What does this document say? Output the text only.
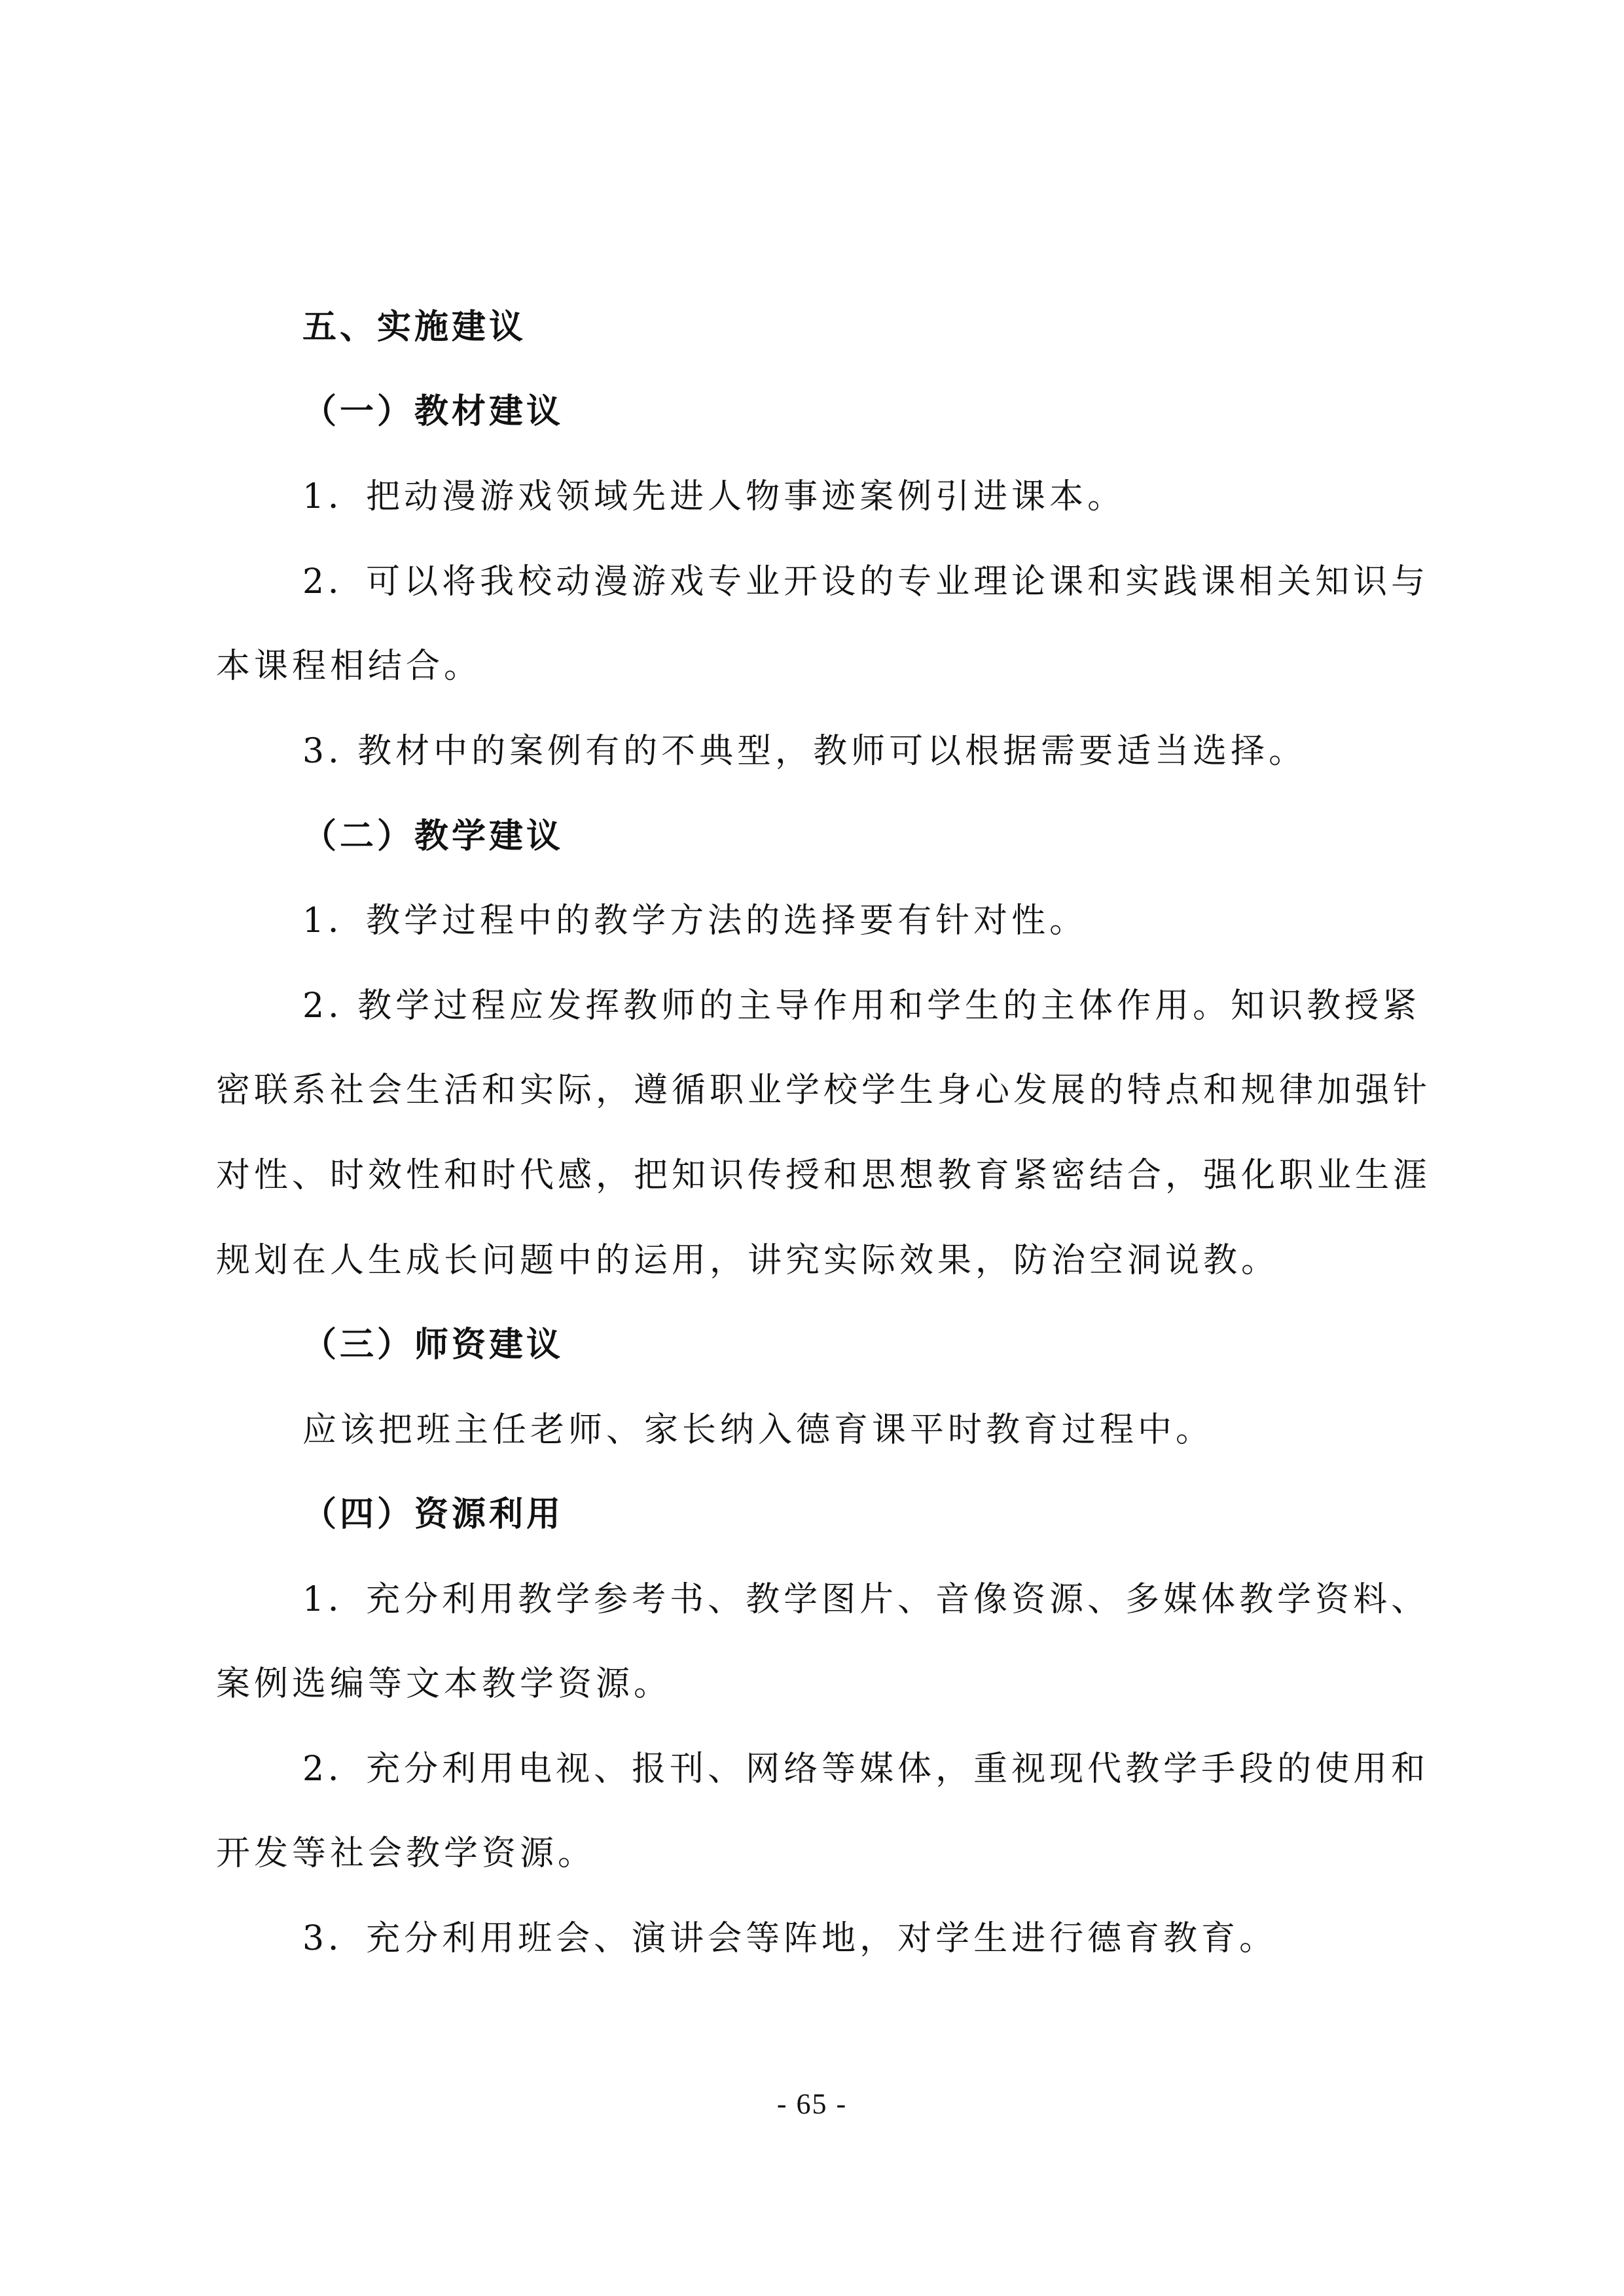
五、实施建议
（一）教材建议
1．把动漫游戏领域先进人物事迹案例引进课本。
2．可以将我校动漫游戏专业开设的专业理论课和实践课相关知识与
本课程相结合。
3. 教材中的案例有的不典型，教师可以根据需要适当选择。
（二）教学建议
1．教学过程中的教学方法的选择要有针对性。
2. 教学过程应发挥教师的主导作用和学生的主体作用。知识教授紧
密联系社会生活和实际，遵循职业学校学生身心发展的特点和规律加强针
对性、时效性和时代感，把知识传授和思想教育紧密结合，强化职业生涯
规划在人生成长问题中的运用，讲究实际效果，防治空洞说教。
（三）师资建议
应该把班主任老师、家长纳入德育课平时教育过程中。
（四）资源利用
1．充分利用教学参考书、教学图片、音像资源、多媒体教学资料、
案例选编等文本教学资源。
2．充分利用电视、报刊、网络等媒体，重视现代教学手段的使用和
开发等社会教学资源。
3．充分利用班会、演讲会等阵地，对学生进行德育教育。
- 65 -
